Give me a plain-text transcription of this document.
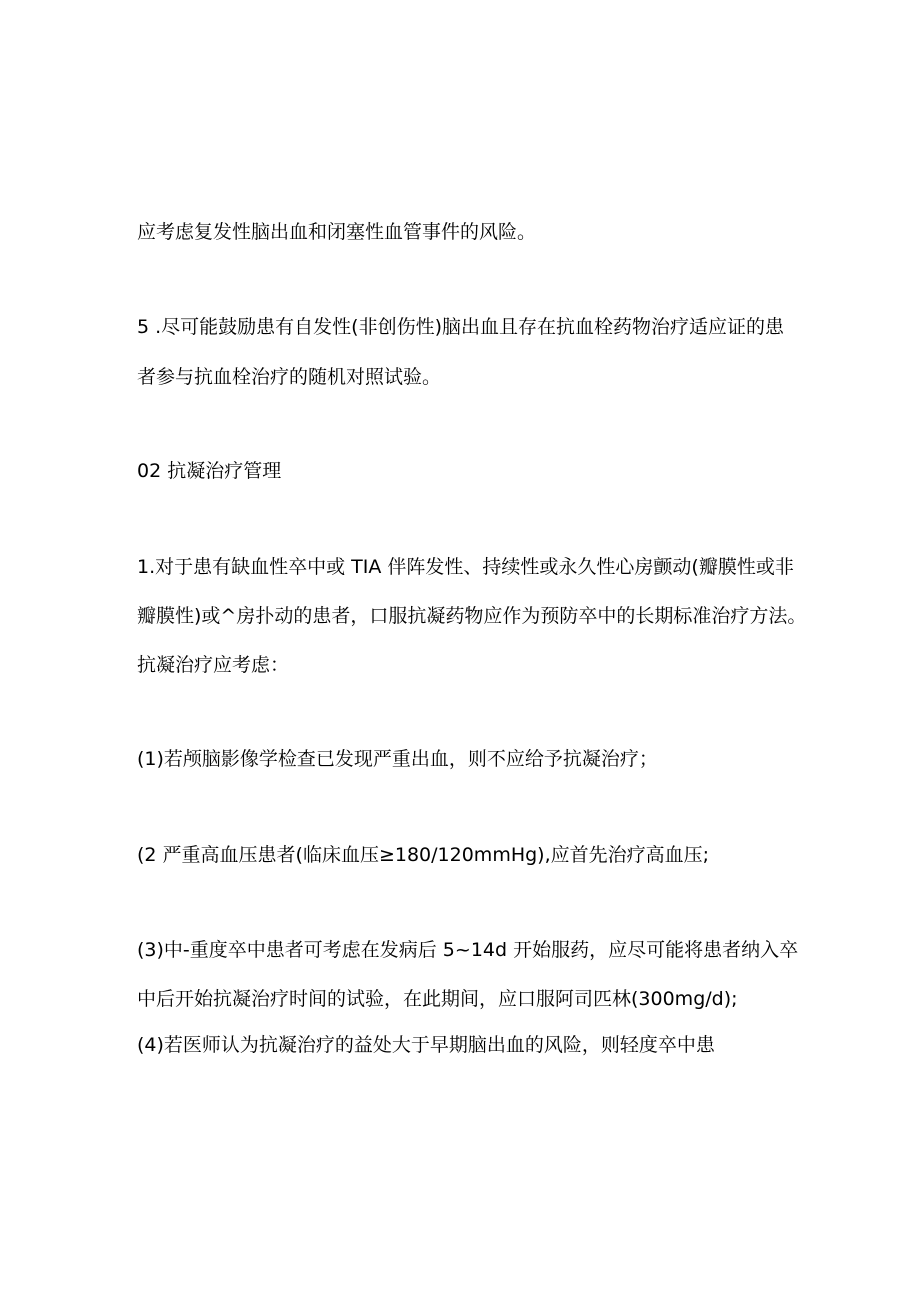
应考虑复发性脑出血和闭塞性血管事件的风险。
5 .尽可能鼓励患有自发性(非创伤性)脑出血且存在抗血栓药物治疗适应证的患
者参与抗血栓治疗的随机对照试验。
02 抗凝治疗管理
1.对于患有缺血性卒中或 TIA 伴阵发性、持续性或永久性心房颤动(瓣膜性或非
瓣膜性)或^房扑动的患者，口服抗凝药物应作为预防卒中的长期标准治疗方法。
抗凝治疗应考虑：
(1)若颅脑影像学检查已发现严重出血，则不应给予抗凝治疗；
(2 严重高血压患者(临床血压≥180/120mmHg),应首先治疗高血压;
(3)中-重度卒中患者可考虑在发病后 5~14d 开始服药，应尽可能将患者纳入卒
中后开始抗凝治疗时间的试验，在此期间，应口服阿司匹林(300mg/d);
(4)若医师认为抗凝治疗的益处大于早期脑出血的风险，则轻度卒中患
